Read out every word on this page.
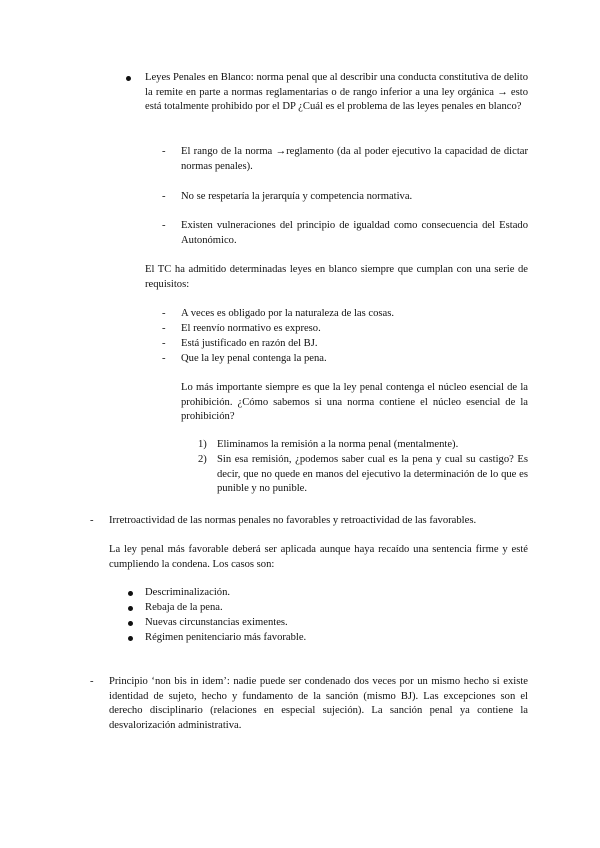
Leyes Penales en Blanco: norma penal que al describir una conducta constitutiva de delito la remite en parte a normas reglamentarias o de rango inferior a una ley orgánica → esto está totalmente prohibido por el DP ¿Cuál es el problema de las leyes penales en blanco?

-	El rango de la norma →reglamento (da al poder ejecutivo la capacidad de dictar normas penales).

-	No se respetaría la jerarquía y competencia normativa.

-	Existen vulneraciones del principio de igualdad como consecuencia del Estado Autonómico.

El TC ha admitido determinadas leyes en blanco siempre que cumplan con una serie de requisitos:

-	A veces es obligado por la naturaleza de las cosas.

-	El reenvío normativo es expreso.

-	Está justificado en razón del BJ.

-	Que la ley penal contenga la pena.

Lo más importante siempre es que la ley penal contenga el núcleo esencial de la prohibición. ¿Cómo sabemos si una norma contiene el núcleo esencial de la prohibición?

1) Eliminamos la remisión a la norma penal (mentalmente).

2) Sin esa remisión, ¿podemos saber cual es la pena y cual su castigo? Es decir, que no quede en manos del ejecutivo la determinación de lo que es punible y no punible.

-	Irretroactividad de las normas penales no favorables y retroactividad de las favorables.

La ley penal más favorable deberá ser aplicada aunque haya recaído una sentencia firme y esté cumpliendo la condena. Los casos son:

Descriminalización.

Rebaja de la pena.

Nuevas circunstancias eximentes.

Régimen penitenciario más favorable.

-	Principio ‘non bis in idem’: nadie puede ser condenado dos veces por un mismo hecho si existe identidad de sujeto, hecho y fundamento de la sanción (mismo BJ). Las excepciones son el derecho disciplinario (relaciones en especial sujeción). La sanción penal ya contiene la desvalorización administrativa.
